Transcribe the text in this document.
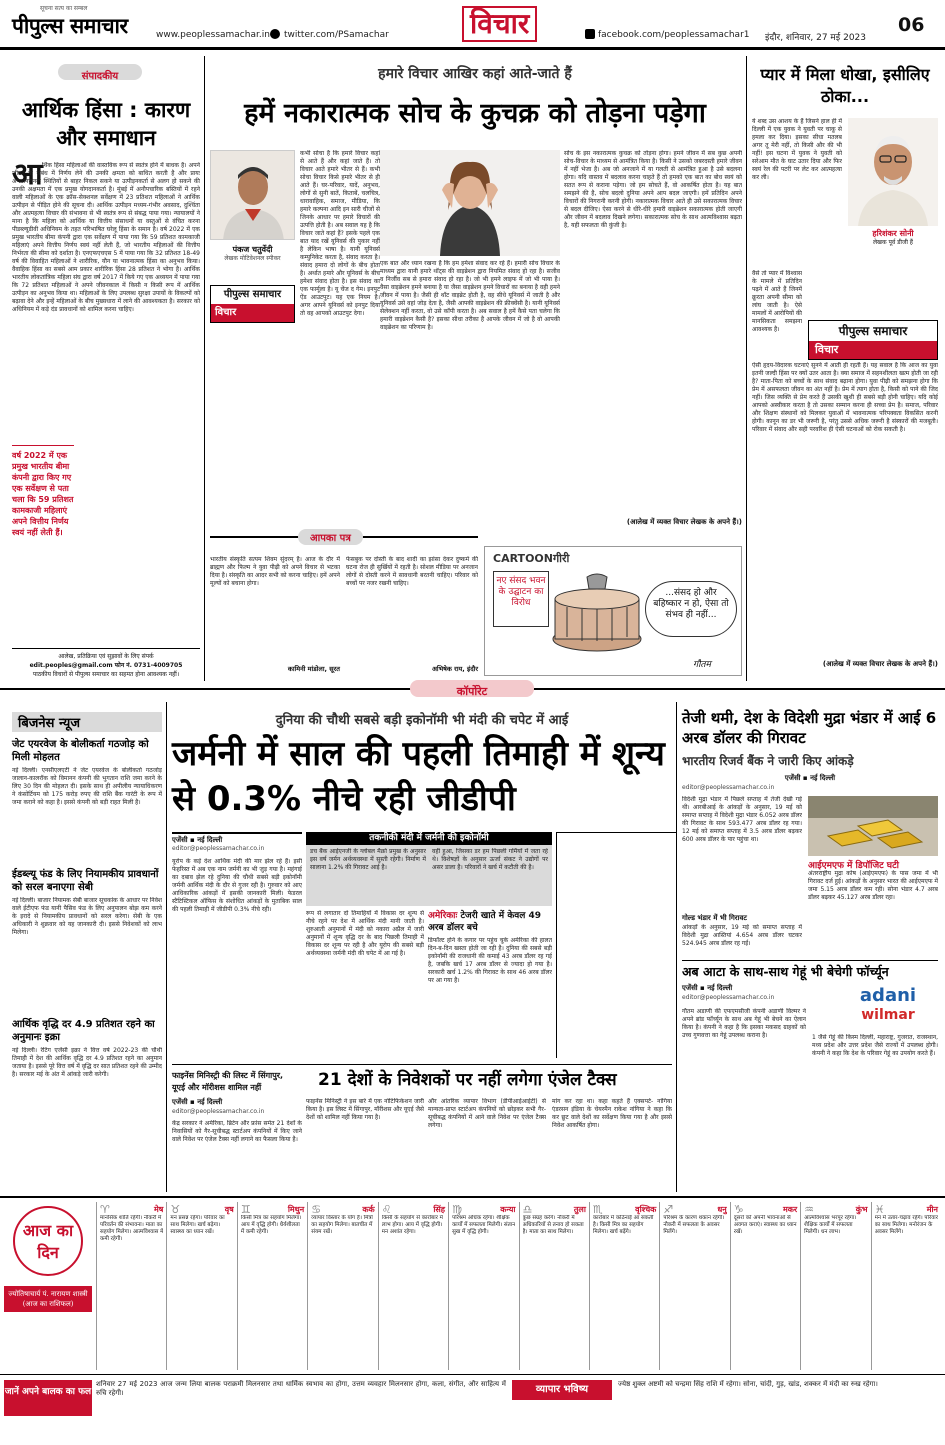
सूचना सत्य का सम्बल
पीपुल्स समाचार	www.peoplessamachar.in twitter.com/PSamachar	विचार	facebook.com/peoplessamachar1 इंदौर, शनिवार, 27 मई 2023
06
संपादकीय
आर्थिक हिंसा : कारण और समाधान
आ र्थिक हिंसा महिलाओं की वास्तविक रूप से स्वतंत्र होने में बाधक है। अपने जीवन के संबंध में निर्णय लेने की उनकी क्षमता को बाधित करती है और प्रायः अपमानजनक स्थितियों से बाहर निकल सकने या उत्पीड़नकर्ता से अलग हो सकने की उनकी अक्षमता में एक प्रमुख योगदानकर्ता है। मुंबई में अनौपचारिक बस्तियों में रहने वाली महिलाओं के एक क्रॉस-सेक्शनल सर्वेक्षण में 23 प्रतिशत महिलाओं ने आर्थिक उत्पीड़न से पीड़ित होने की सूचना दी। आर्थिक उत्पीड़न मध्यम-गंभीर अवसाद, दुश्चिंता और आत्महत्या विचार की संभावना से भी स्वतंत्र रूप से संबद्ध पाया गया। न्यायालयों ने माना है कि महिला को आर्थिक या वित्तीय संसाधनों या वस्तुओं से वंचित करना पीडब्ल्यूडीवी अधिनियम के तहत परिभाषित घरेलू हिंसा के समान है। वर्ष 2022 में एक प्रमुख भारतीय बीमा कंपनी द्वारा एक सर्वेक्षण में पाया गया कि 59 प्रतिशत कामकाजी महिलाएं अपने वित्तीय निर्णय स्वयं नहीं लेती हैं, जो भारतीय महिलाओं की वित्तीय निर्भरता की सीमा को दर्शाता है। एनएफएचएस 5 में पाया गया कि 32 प्रतिशत 18-49 वर्ष की विवाहित महिलाओं ने शारीरिक, यौन या भावनात्मक हिंसा का अनुभव किया। वैवाहिक हिंसा का सबसे आम प्रकार शारीरिक हिंसा 28 प्रतिशत ने भोगा है। आर्थिक भारतीय लोकतांत्रिक महिला संघ द्वारा वर्ष 2017 में किये गए एक अध्ययन में पाया गया कि 72 प्रतिशत महिलाओं ने अपने जीवनकाल में किसी न किसी रूप में आर्थिक उत्पीड़न का अनुभव किया था। महिलाओं के लिए उपलब्ध सुरक्षा उपायों के विकल्पों को बढ़ावा देने और इन्हें महिलाओं के बीच मुख्यधारा में लाने की आवश्यकता है। सरकार को अधिनियम में कड़े दंड प्रावधानों को शामिल करना चाहिए।
वर्ष 2022 में एक प्रमुख भारतीय बीमा कंपनी द्वारा किए गए एक सर्वेक्षण से पता चला कि 59 प्रतिशत कामकाजी महिलाएं अपने वित्तीय निर्णय स्वयं नहीं लेती हैं।
आलेख, प्रतिक्रिया एवं सुझावों के लिए संपर्क
edit.peoples@gmail.com फोन नं. 0731-4009705
पाठकीय विचारों से पीपुल्स समाचार का सहमत होना आवश्यक नहीं।
हमारे विचार आखिर कहां आते-जाते हैं
हमें नकारात्मक सोच के कुचक्र को तोड़ना पड़ेगा
पंकज चतुर्वेदी
लेखक मोटिवेशनल स्पीकर
पीपुल्स समाचार
विचार
कभी सोचा है कि हमारे विचार कहां से आते हैं और कहां जाते हैं। तो विचार आते हमारे भीतर से हैं। कभी सोचा विचार किसे हमारे भीतर से ही आते हैं। घर-परिवार, यादें, अनुभव, लोगों से सुनी बातें, किताबें, चलचित्र, धारावाहिक, समाज, मीडिया, कि हमारे कल्पना आदि इन सारी चीजों से जिनके आधार पर हमारे विचारों की उत्पत्ति होती है। अब सवाल यह है कि विचार जाते कहां हैं? इसके पहले एक बात याद रखें यूनिवर्स की पुकार नहीं है लेकिन भाषा है। यानी यूनिवर्स कम्युनिकेट करता है, संवाद करता है। संवाद हमारा दो लोगों के बीच होता है। अर्थात हमारे और यूनिवर्स के बीच हमेशा संवाद होता है। इस संवाद का एक फार्मूला है। यू चेंज द गेम। इनपुट ऐंड आउटपुट। यह एक नियम है। अगर आपने यूनिवर्स को इनपुट दिया तो वह आपको आउटपुट देगा।
एक बात और ध्यान रखना है कि हम हमेशा संवाद कर रहे हैं। हमारी सोच विचार के माध्यम द्वारा यानी हमारे थॉट्स की वाइब्रेशन द्वारा नियमित संवाद हो रहा है। सजीव व निर्जीव सब से हमारा संवाद हो रहा है। जो भी हमने लाइफ में जो भी पाया है। वैसा वाइब्रेशन हमने बनाया है या जैसा वाइब्रेशन हमने विचारों का बनाया है वही हमने जीवन में पाया है। जैसी ही थॉट वाइब्रेट होती है, वह सीधे यूनिवर्स में जाती है और यूनिवर्स उसे वहां जोड़ देता है, जैसी आपकी वाइब्रेशन की फ्रीक्वेंसी है। यानी यूनिवर्स सेलेक्शन नहीं करता, वो उसे कॉपी करता है। अब सवाल है हमें कैसे पता चलेगा कि हमारी वाइब्रेशन कैसी है? इसका सीधा तरीका है आपके जीवन में जो है वो आपकी वाइब्रेशन का परिणाम है।
सोच के इस नकारात्मक कुचक्र को तोड़ना होगा। हमने जीवन में सब कुछ अपनी सोच-विचार के माध्यम से आमंत्रित किया है। किसी ने उसको जबरदस्ती हमारे जीवन में नहीं भेजा है। अब जो अनजाने में या गलती से आमंत्रित हुआ है उसे बदलना होगा। यदि वास्तव में बदलाव करना चाहते हैं तो हमको एक बात का बोध स्वयं को सतत रूप से कराना पड़ेगा। जो हम सोचते हैं, वो आकर्षित होता है। यह बात समझने की है, सोच बदलो दुनिया अपने आप बदल जाएगी। हमें प्रतिदिन अपने विचारों की निगरानी करनी होगी। नकारात्मक विचार आते ही उसे सकारात्मक विचार से बदल दीजिए। ऐसा करने से धीरे-धीरे हमारी वाइब्रेशन सकारात्मक होती जाएगी और जीवन में बदलाव दिखने लगेगा। सकारात्मक सोच के साथ आत्मविश्वास बढ़ता है, यही सफलता की कुंजी है।
(आलेख में व्यक्त विचार लेखक के अपने हैं।)
प्यार में मिला धोखा, इसीलिए ठोका...
ये शब्द उस आशय के हैं जिसने हाल ही में दिल्ली में एक युवक ने युवती पर चाकू से हमला कर दिया। इसका सीधा मतलब अगर तू मेरी नहीं, तो किसी और की भी नहीं! इस घटना में युवक ने युवती को सरेआम मौत के घाट उतार दिया और फिर स्वयं रेल की पटरी पर लेट कर आत्महत्या कर ली।
हरिशंकर सोनी
लेखक पूर्व डीजी हैं
वैसे तो प्यार में विश्वास के मामले में प्रतिदिन पढ़ने में आते हैं जिनमें क्रूरता अपनी सीमा को लांघ जाती है। ऐसे मामलों में आरोपियों की मानसिकता समझना आवश्यक है।	पीपुल्स समाचार
विचार
ऐसी हृदय-विदारक घटनाएं सुनने में आती ही रहती हैं। यह सवाल है कि आज का युवा इतनी जल्दी हिंसा पर क्यों उतर आता है। क्या समाज में सहनशीलता खत्म होती जा रही है? माता-पिता को बच्चों के साथ संवाद बढ़ाना होगा। युवा पीढ़ी को समझना होगा कि प्रेम में असफलता जीवन का अंत नहीं है। प्रेम में त्याग होता है, किसी को पाने की जिद नहीं। जिस व्यक्ति से प्रेम करते हैं उसकी खुशी ही सबसे बड़ी होनी चाहिए। यदि कोई आपको अस्वीकार करता है तो उसका सम्मान करना ही सच्चा प्रेम है। समाज, परिवार और शिक्षण संस्थानों को मिलकर युवाओं में भावनात्मक परिपक्वता विकसित करनी होगी। कानून का डर भी जरूरी है, परंतु उससे अधिक जरूरी है संस्कारों की मजबूती। परिवार में संवाद और सही परवरिश ही ऐसी घटनाओं को रोक सकती है।
(आलेख में व्यक्त विचार लेखक के अपने हैं।)
आपका पत्र
भारतीय संस्कृति सत्यम शिवम सुंदरम् है। आज के दौर में ब्राह्मण और फिल्म ने युवा पीढ़ी को अपने विचार से भटका दिया है। संस्कृति का आदर सभी को करना चाहिए। हमें अपने मूल्यों को बचाना होगा।
कामिनी मांडोला, सूरत
फेसबुक पर दोस्ती के बाद शादी का झांसा देकर दुष्कर्म की घटना रोज ही सुर्खियों में रहती है। सोशल मीडिया पर अनजान लोगों से दोस्ती करने में सावधानी बरतनी चाहिए। परिवार को बच्चों पर नजर रखनी चाहिए।
अभिषेक राय, इंदौर
CARTOONगीरी
नए संसद भवन के उद्घाटन का विरोध
...संसद हो और बहिष्कार न हो, ऐसा तो संभव ही नहीं...
गौतम
कॉर्पोरेट
बिजनेस न्यूज
जेट एयरवेज के बोलीकर्ता गठजोड़ को मिली मोहलत
नई दिल्ली। एनसीएलएटी ने जेट एयरवेज के बोलीकर्ता गठजोड़ जालान-कालरॉक को विमानन कंपनी की भुगतान राशि जमा करने के लिए 30 दिन की मोहलत दी। इसके साथ ही अपीलीय न्यायाधिकरण ने कंसोर्टियम को 175 करोड़ रुपए की राशि बैंक गारंटी के रूप में जमा कराने को कहा है। इससे कंपनी को बड़ी राहत मिली है।
ईडब्ल्यू फंड के लिए नियामकीय प्रावधानों को सरल बनाएगा सेबी
नई दिल्ली। बाजार नियामक सेबी बाजार सूचकांक के आधार पर निवेश वाले ईटीएफ फंड यानी पैसिव फंड के लिए अनुपालन बोझ कम करने के इरादे से नियामकीय प्रावधानों को सरल करेगा। सेबी के एक अधिकारी ने शुक्रवार को यह जानकारी दी। इससे निवेशकों को लाभ मिलेगा।
आर्थिक वृद्धि दर 4.9 प्रतिशत रहने का अनुमानः इक्रा
नई दिल्ली। रेटिंग एजेंसी इक्रा ने वित्त वर्ष 2022-23 की चौथी तिमाही में देश की आर्थिक वृद्धि दर 4.9 प्रतिशत रहने का अनुमान जताया है। इससे पूरे वित्त वर्ष में वृद्धि दर सात प्रतिशत रहने की उम्मीद है। सरकार मई के अंत में आंकड़े जारी करेगी।
दुनिया की चौथी सबसे बड़ी इकोनॉमी भी मंदी की चपेट में आई
जर्मनी में साल की पहली तिमाही में शून्य से 0.3% नीचे रही जीडीपी
एजेंसी ▪ नई दिल्ली
editor@peoplessamachar.co.in
यूरोप के कई देश आर्थिक मंदी की मार झेल रहे हैं। इसी फेहरिस्त में अब एक नाम जर्मनी का भी जुड़ गया है। महंगाई का दबाव झेल रहे दुनिया की चौथी सबसे बड़ी इकोनॉमी जर्मनी आर्थिक मंदी के दौर से गुजर रही है। गुरुवार को आए आधिकारिक आंकड़ों में इसकी जानकारी मिली। फेडरल स्टैटिस्टिकल ऑफिस के संशोधित आंकड़ों के मुताबिक साल की पहली तिमाही में जीडीपी 0.3% नीचे रही।
तकनीकी मंदी में जर्मनी की इकोनॉमी
डच बैंक आईएनजी के ग्लोबल मैक्रो प्रमुख के अनुसार इस वर्ष जर्मन अर्थव्यवस्था में सुस्ती रहेगी। निर्माण में सालाना 1.2% की गिरावट आई है।
वहीं हुआ, जिसका डर हम पिछली गर्मियों में जता रहे थे। विशेषज्ञों के अनुसार ऊर्जा संकट ने उद्योगों पर असर डाला है। परिवारों ने खर्च में कटौती की है।
रूप से लगातार दो तिमाहियों में विकास दर शून्य से नीचे रहने पर देश में आर्थिक मंदी मानी जाती है। शुरुआती अनुमानों में मंदी को नकारा अप्रैल में जारी अनुमानों में शून्य वृद्धि दर के बाद पिछली तिमाही में विकास दर शून्य पर रही है और यूरोप की सबसे बड़ी अर्थव्यवस्था जर्मनी मंदी की चपेट में आ गई है।
अमेरिकाः टेजरी खाते में केवल 49 अरब डॉलर बचे
डिफॉल्ट होने के कगार पर पहुंच चुके अमेरिका की हालत दिन-ब-दिन खस्ता होती जा रही है। दुनिया की सबसे बड़ी इकोनॉमी की राजधानी की कमाई 43 अरब डॉलर रह गई है, जबकि खर्च 17 अरब डॉलर से ज्यादा हो गया है। सरकारी खर्च 1.2% की गिरावट के साथ 46 अरब डॉलर पर आ गया है।
फाइनेंस मिनिस्ट्री की लिस्ट में सिंगापुर,
यूएई और मॉरीशस शामिल नहीं	21 देशों के निवेशकों पर नहीं लगेगा एंजेल टैक्स
एजेंसी ▪ नई दिल्ली
editor@peoplessamachar.co.in
केंद्र सरकार ने अमेरिका, ब्रिटेन और फ्रांस समेत 21 देशों के निवासियों को गैर-सूचीबद्ध स्टार्टअप कंपनियों में किए जाने वाले निवेश पर एंजेल टैक्स नहीं लगाने का फैसला किया है।
फाइनेंस मिनिस्ट्री ने इस बारे में एक नोटिफिकेशन जारी किया है। इस लिस्ट में सिंगापुर, मॉरीशस और यूएई जैसे देशों को शामिल नहीं किया गया है।
और आंतरिक व्यापार विभाग (डीपीआईआईटी) से मान्यता-प्राप्त स्टार्टअप कंपनियों को छोड़कर सभी गैर-सूचीबद्ध कंपनियों में आने वाले निवेश पर एंजेल टैक्स लगेगा।
मांग कर रहा था। कहा कहते हैं एक्सपर्ट- नांगिया एंडरसन इंडिया के चेयरमैन राकेश नांगिया ने कहा कि कर छूट वाले देशों का सर्वेक्षण किया गया है और इससे निवेश आकर्षित होगा।
तेजी थमी, देश के विदेशी मुद्रा भंडार में आई 6 अरब डॉलर की गिरावट
भारतीय रिजर्व बैंक ने जारी किए आंकड़े
एजेंसी ▪ नई दिल्ली
editor@peoplessamachar.co.in
विदेशी मुद्रा भंडार में पिछले सप्ताह में तेजी देखी गई थी। आरबीआई के आंकड़ों के अनुसार, 19 मई को समाप्त सप्ताह में विदेशी मुद्रा भंडार 6.052 अरब डॉलर की गिरावट के साथ 593.477 अरब डॉलर रह गया। 12 मई को समाप्त सप्ताह में 3.5 अरब डॉलर बढ़कर 600 अरब डॉलर के पार पहुंचा था।
आईएमएफ में डिपॉजिट घटी
अंतरराष्ट्रीय मुद्रा कोष (आईएमएफ) के पास जमा में भी गिरावट दर्ज हुई। आंकड़ों के अनुसार भारत की आईएमएफ में जमा 5.15 अरब डॉलर कम रही। सोना भंडार 4.7 अरब डॉलर बढ़कर 45.127 अरब डॉलर रहा।
गोल्ड भंडार में भी गिरावट
आंकड़ों के अनुसार, 19 मई को समाप्त सप्ताह में विदेशी मुद्रा आस्तियां 4.654 अरब डॉलर घटकर 524.945 अरब डॉलर रह गईं।
अब आटा के साथ-साथ गेहूं भी बेचेगी फॉर्च्यून
एजेंसी ▪ नई दिल्ली
editor@peoplessamachar.co.in	adani
wilmar
गौतम अडाणी की एफएमसीजी कंपनी अडाणी विल्मर ने अपने ब्रांड फॉर्च्यून के साथ अब गेहूं भी बेचने का ऐलान किया है। कंपनी ने कहा है कि इसका मकसद ग्राहकों को उच्च गुणवत्ता का गेहूं उपलब्ध कराना है।	1 जैसे गेहूं की किस्म दिल्ली, महाराष्ट्र, गुजरात, राजस्थान, मध्य प्रदेश और उत्तर प्रदेश जैसे राज्यों में उपलब्ध होगी। कंपनी ने कहा कि देश के परिवार गेहूं का उपयोग करते हैं।
आज का दिन
ज्योतिषाचार्य पं. नारायण शास्त्री (आज का राशिफल)
♈	मेष
मानसिक शांति रहेगी। नौकरी में परिवर्तन की संभावना। माता का सहयोग मिलेगा। आत्मविश्वास में कमी रहेगी।
♉	वृष
मन प्रसन्न रहेगा। परिवार का साथ मिलेगा। खर्च बढ़ेगा। स्वास्थ्य का ध्यान रखें।
♊	मिथुन
किसी मित्र का सहयोग मिलेगा। आय में वृद्धि होगी। धैर्यशीलता में कमी रहेगी।
♋	कर्क
व्यापार विस्तार के योग हैं। मित्रों का सहयोग मिलेगा। बातचीत में संयम रखें।
♌	सिंह
किसी के सहयोग से कारोबार में लाभ होगा। आय में वृद्धि होगी। मन अशांत रहेगा।
♍	कन्या
परिश्रम अधिक रहेगा। शैक्षिक कार्यों में सफलता मिलेगी। संतान सुख में वृद्धि होगी।
♎	तुला
कुछ संग्रह करेंगे। नौकरी में अधिकारियों से तनाव हो सकता है। माता का साथ मिलेगा।
♏	वृश्चिक
कारोबार में कठिनाई आ सकती है। किसी मित्र का सहयोग मिलेगा। खर्च बढ़ेंगे।
♐	धनु
परिश्रम के कारण थकान रहेगी। नौकरी में सफलता के अवसर मिलेंगे।
♑	मकर
दूसरों को अपनी भावनाओं से अवगत कराएं। स्वास्थ्य का ध्यान रखें।
♒	कुंभ
आत्मविश्वास भरपूर रहेगा। शैक्षिक कार्यों में सफलता मिलेगी। धन लाभ।
♓	मीन
मन में उतार-चढ़ाव रहेंगे। परिवार का साथ मिलेगा। मनोरंजन के अवसर मिलेंगे।
जानें अपने बालक का फल
शनिवार 27 मई 2023 आज जन्म लिया बालक पराक्रमी मिलनसार तथा धार्मिक स्वभाव का होगा, उत्तम व्यवहार मिलनसार होगा, कला, संगीत, और साहित्य में रुचि रहेगी।	व्यापार भविष्य	ज्येष्ठ शुक्ल अष्टमी को चन्द्रमा सिंह राशि में रहेगा। सोना, चांदी, गुड़, खांड, शक्कर में मंदी का रुख रहेगा।
